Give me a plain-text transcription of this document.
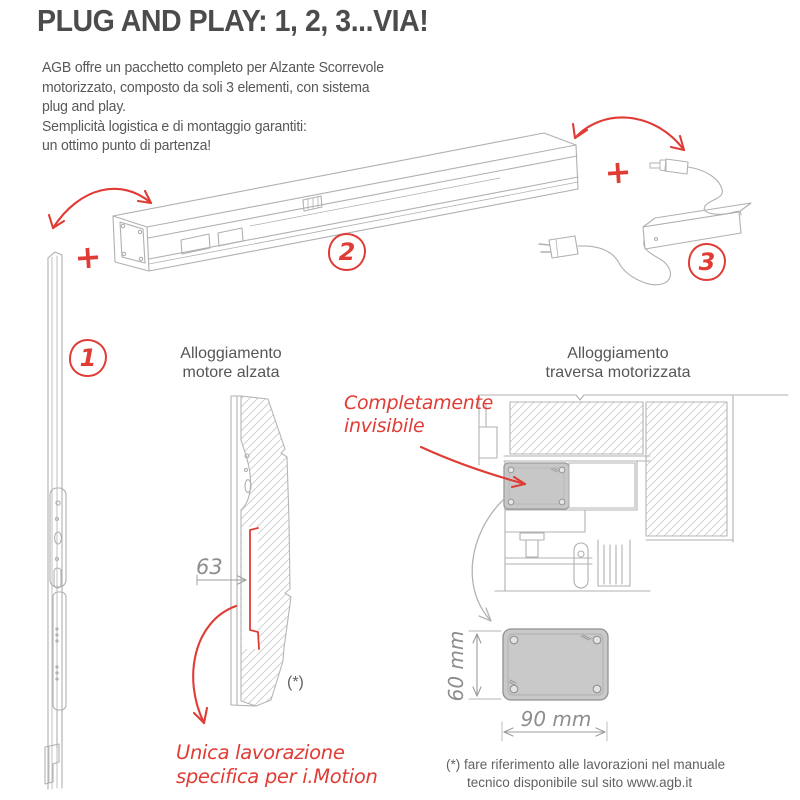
PLUG AND PLAY: 1, 2, 3...VIA!
AGB offre un pacchetto completo per Alzante Scorrevole
motorizzato, composto da soli 3 elementi, con sistema
plug and play.
Semplicità logistica e di montaggio garantiti:
un ottimo punto di partenza!
+
+
1
2	3
Alloggiamento
motore alzata
Alloggiamento
traversa motorizzata
Completamente
invisibile
63
(*)
Unica lavorazione
specifica per i.Motion
60 mm
90 mm
(*) fare riferimento alle lavorazioni nel manuale
tecnico disponibile sul sito www.agb.it
